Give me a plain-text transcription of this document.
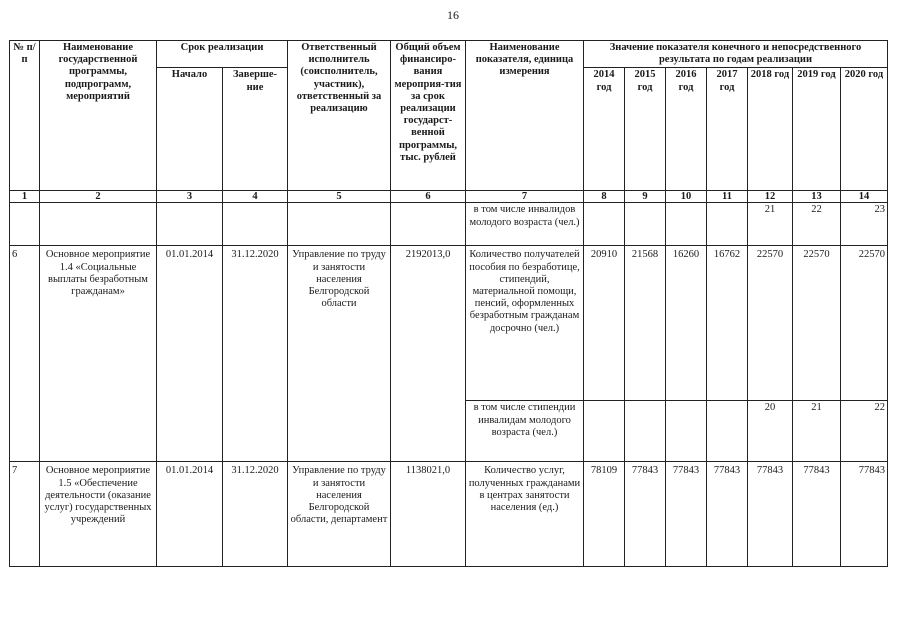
16
№ п/п	Наименование государственной программы, подпрограмм, мероприятий	Срок реализации		Ответственный исполнитель (соисполнитель, участник), ответственный за реализацию	Общий объем финансиро-вания мероприя-тия за срок реализации государст-венной программы, тыс. рублей	Наименование показателя, единица измерения	Значение показателя конечного и непосредственного результата по годам реализации						
		Начало	Заверше-ние				2014 год	2015 год	2016 год	2017 год	2018 год	2019 год	2020 год
1	2	3	4	5	6	7	8	9	10	11	12	13	14
						в том числе инвалидов молодого возраста (чел.)					21	22	23
6	Основное мероприятие 1.4 «Социальные выплаты безработным гражданам»	01.01.2014	31.12.2020	Управление по труду и занятости населения Белгородской области	2192013,0	Количество получателей пособия по безработице, стипендий, материальной помощи, пенсий, оформленных безработным гражданам досрочно (чел.)	20910	21568	16260	16762	22570	22570	22570
						в том числе стипендии инвалидам молодого возраста (чел.)					20	21	22
7	Основное мероприятие 1.5 «Обеспечение деятельности (оказание услуг) государственных учреждений	01.01.2014	31.12.2020	Управление по труду и занятости населения Белгородской области, департамент	1138021,0	Количество услуг, полученных гражданами в центрах занятости населения (ед.)	78109	77843	77843	77843	77843	77843	77843
